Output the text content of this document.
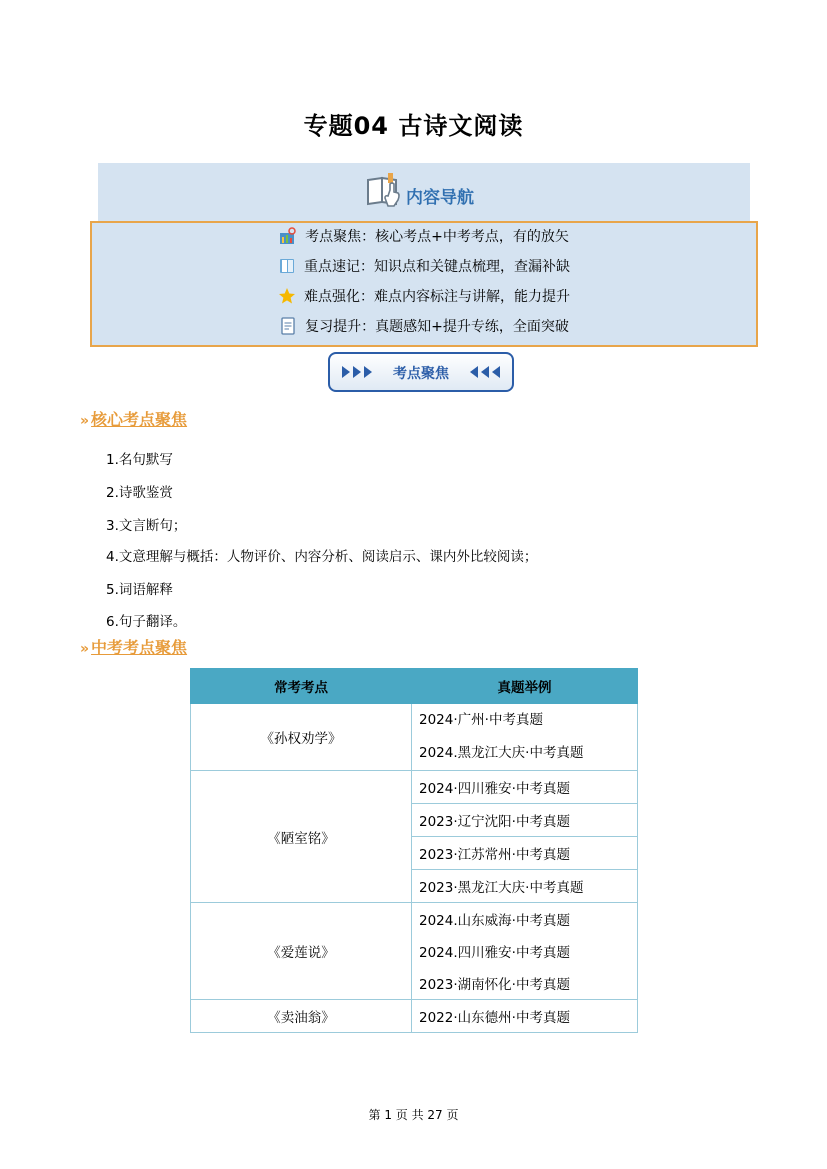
专题04 古诗文阅读
内容导航
考点聚焦：核心考点+中考考点，有的放矢
重点速记：知识点和关键点梳理，查漏补缺
难点强化：难点内容标注与讲解，能力提升
复习提升：真题感知+提升专练，全面突破
考点聚焦
» 核心考点聚焦
1.名句默写
2.诗歌鉴赏
3.文言断句；
4.文意理解与概括：人物评价、内容分析、阅读启示、课内外比较阅读；
5.词语解释
6.句子翻译。
» 中考考点聚焦
常考考点	真题举例
《孙权劝学》	2024·广州·中考真题

	2024.黑龙江大庆·中考真题

《陋室铭》	2024·四川雅安·中考真题
	2023·辽宁沈阳·中考真题
	2023·江苏常州·中考真题
	2023·黑龙江大庆·中考真题
《爱莲说》	2024.山东威海·中考真题
	2024.四川雅安·中考真题
	2023·湖南怀化·中考真题
《卖油翁》	2022·山东德州·中考真题
第 1 页 共 27 页
